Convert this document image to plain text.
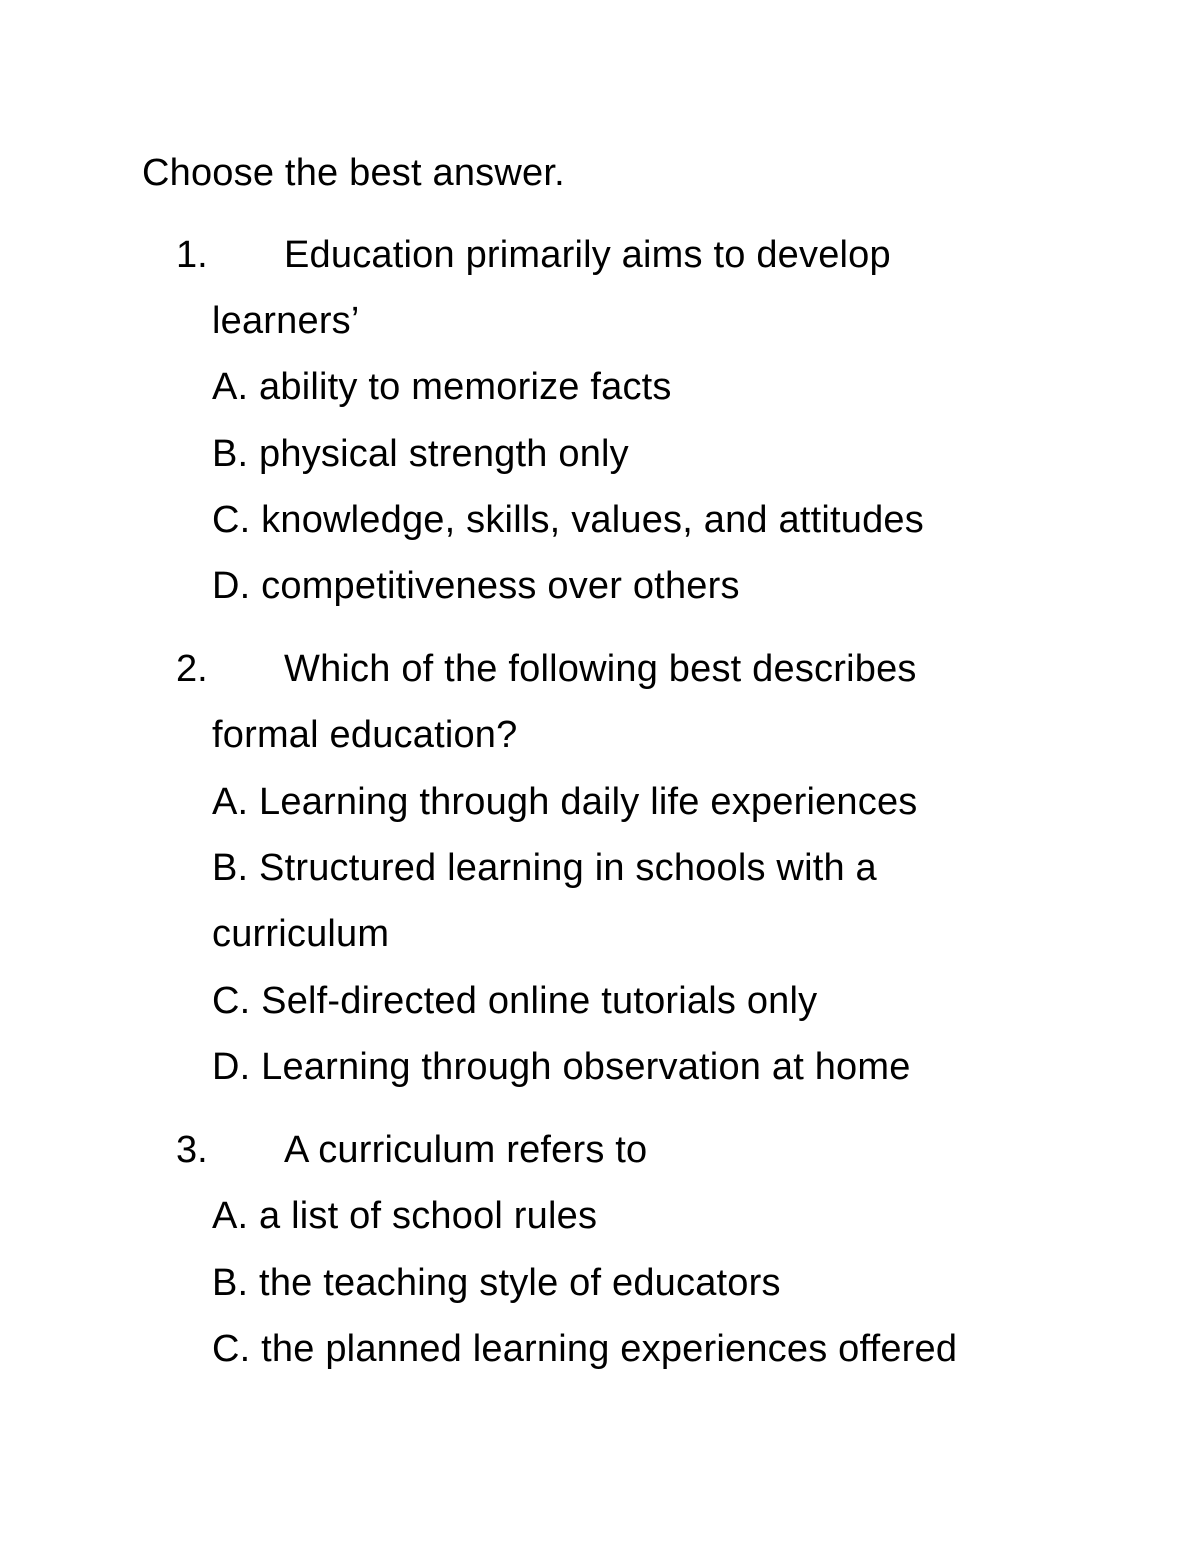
Choose the best answer.
1. Education primarily aims to develop
learners’
A. ability to memorize facts
B. physical strength only
C. knowledge, skills, values, and attitudes
D. competitiveness over others
2. Which of the following best describes
formal education?
A. Learning through daily life experiences
B. Structured learning in schools with a
curriculum
C. Self-directed online tutorials only
D. Learning through observation at home
3. A curriculum refers to
A. a list of school rules
B. the teaching style of educators
C. the planned learning experiences offered
